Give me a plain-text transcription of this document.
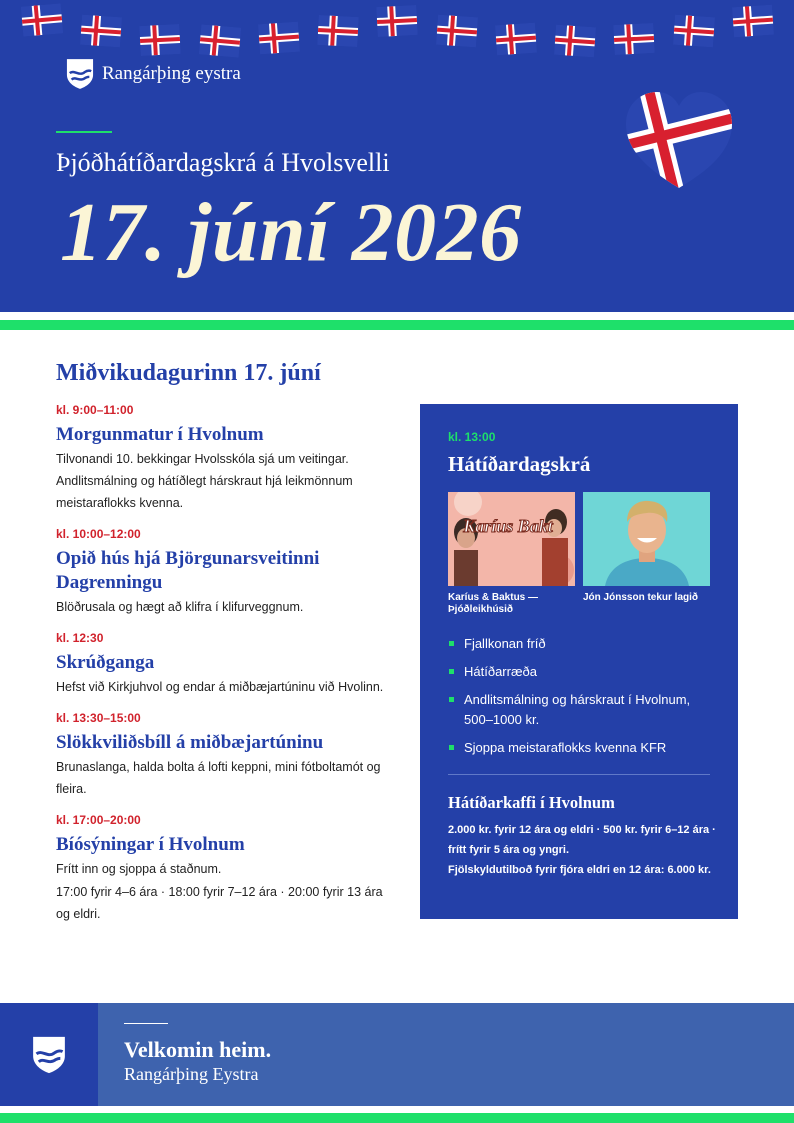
Rangárþing eystra
Þjóðhátíðardagskrá á Hvolsvelli
17. júní 2026
Miðvikudagurinn 17. júní
kl. 9:00–11:00
Morgunmatur í Hvolnum
Tilvonandi 10. bekkingar Hvolsskóla sjá um veitingar. Andlitsmálning og hátíðlegt hárskraut hjá leikmönnum meistaraflokks kvenna.
kl. 10:00–12:00
Opið hús hjá Björgunarsveitinni Dagrenningu
Blöðrusala og hægt að klifra í klifurveggnum.
kl. 12:30
Skrúðganga
Hefst við Kirkjuhvol og endar á miðbæjartúninu við Hvolinn.
kl. 13:30–15:00
Slökkviliðsbíll á miðbæjartúninu
Brunaslanga, halda bolta á lofti keppni, mini fótboltamót og fleira.
kl. 17:00–20:00
Bíósýningar í Hvolnum
Frítt inn og sjoppa á staðnum.
17:00 fyrir 4–6 ára · 18:00 fyrir 7–12 ára · 20:00 fyrir 13 ára og eldri.
kl. 13:00
Hátíðardagskrá
Karíus Bakt
Karíus & Baktus — Þjóðleikhúsið
Jón Jónsson tekur lagið
Fjallkonan fríð
Hátíðarræða
Andlitsmálning og hárskraut í Hvolnum, 500–1000 kr.
Sjoppa meistaraflokks kvenna KFR
Hátíðarkaffi í Hvolnum
2.000 kr. fyrir 12 ára og eldri · 500 kr. fyrir 6–12 ára · frítt fyrir 5 ára og yngri.
Fjölskyldutilboð fyrir fjóra eldri en 12 ára: 6.000 kr.
Velkomin heim.
Rangárþing Eystra
